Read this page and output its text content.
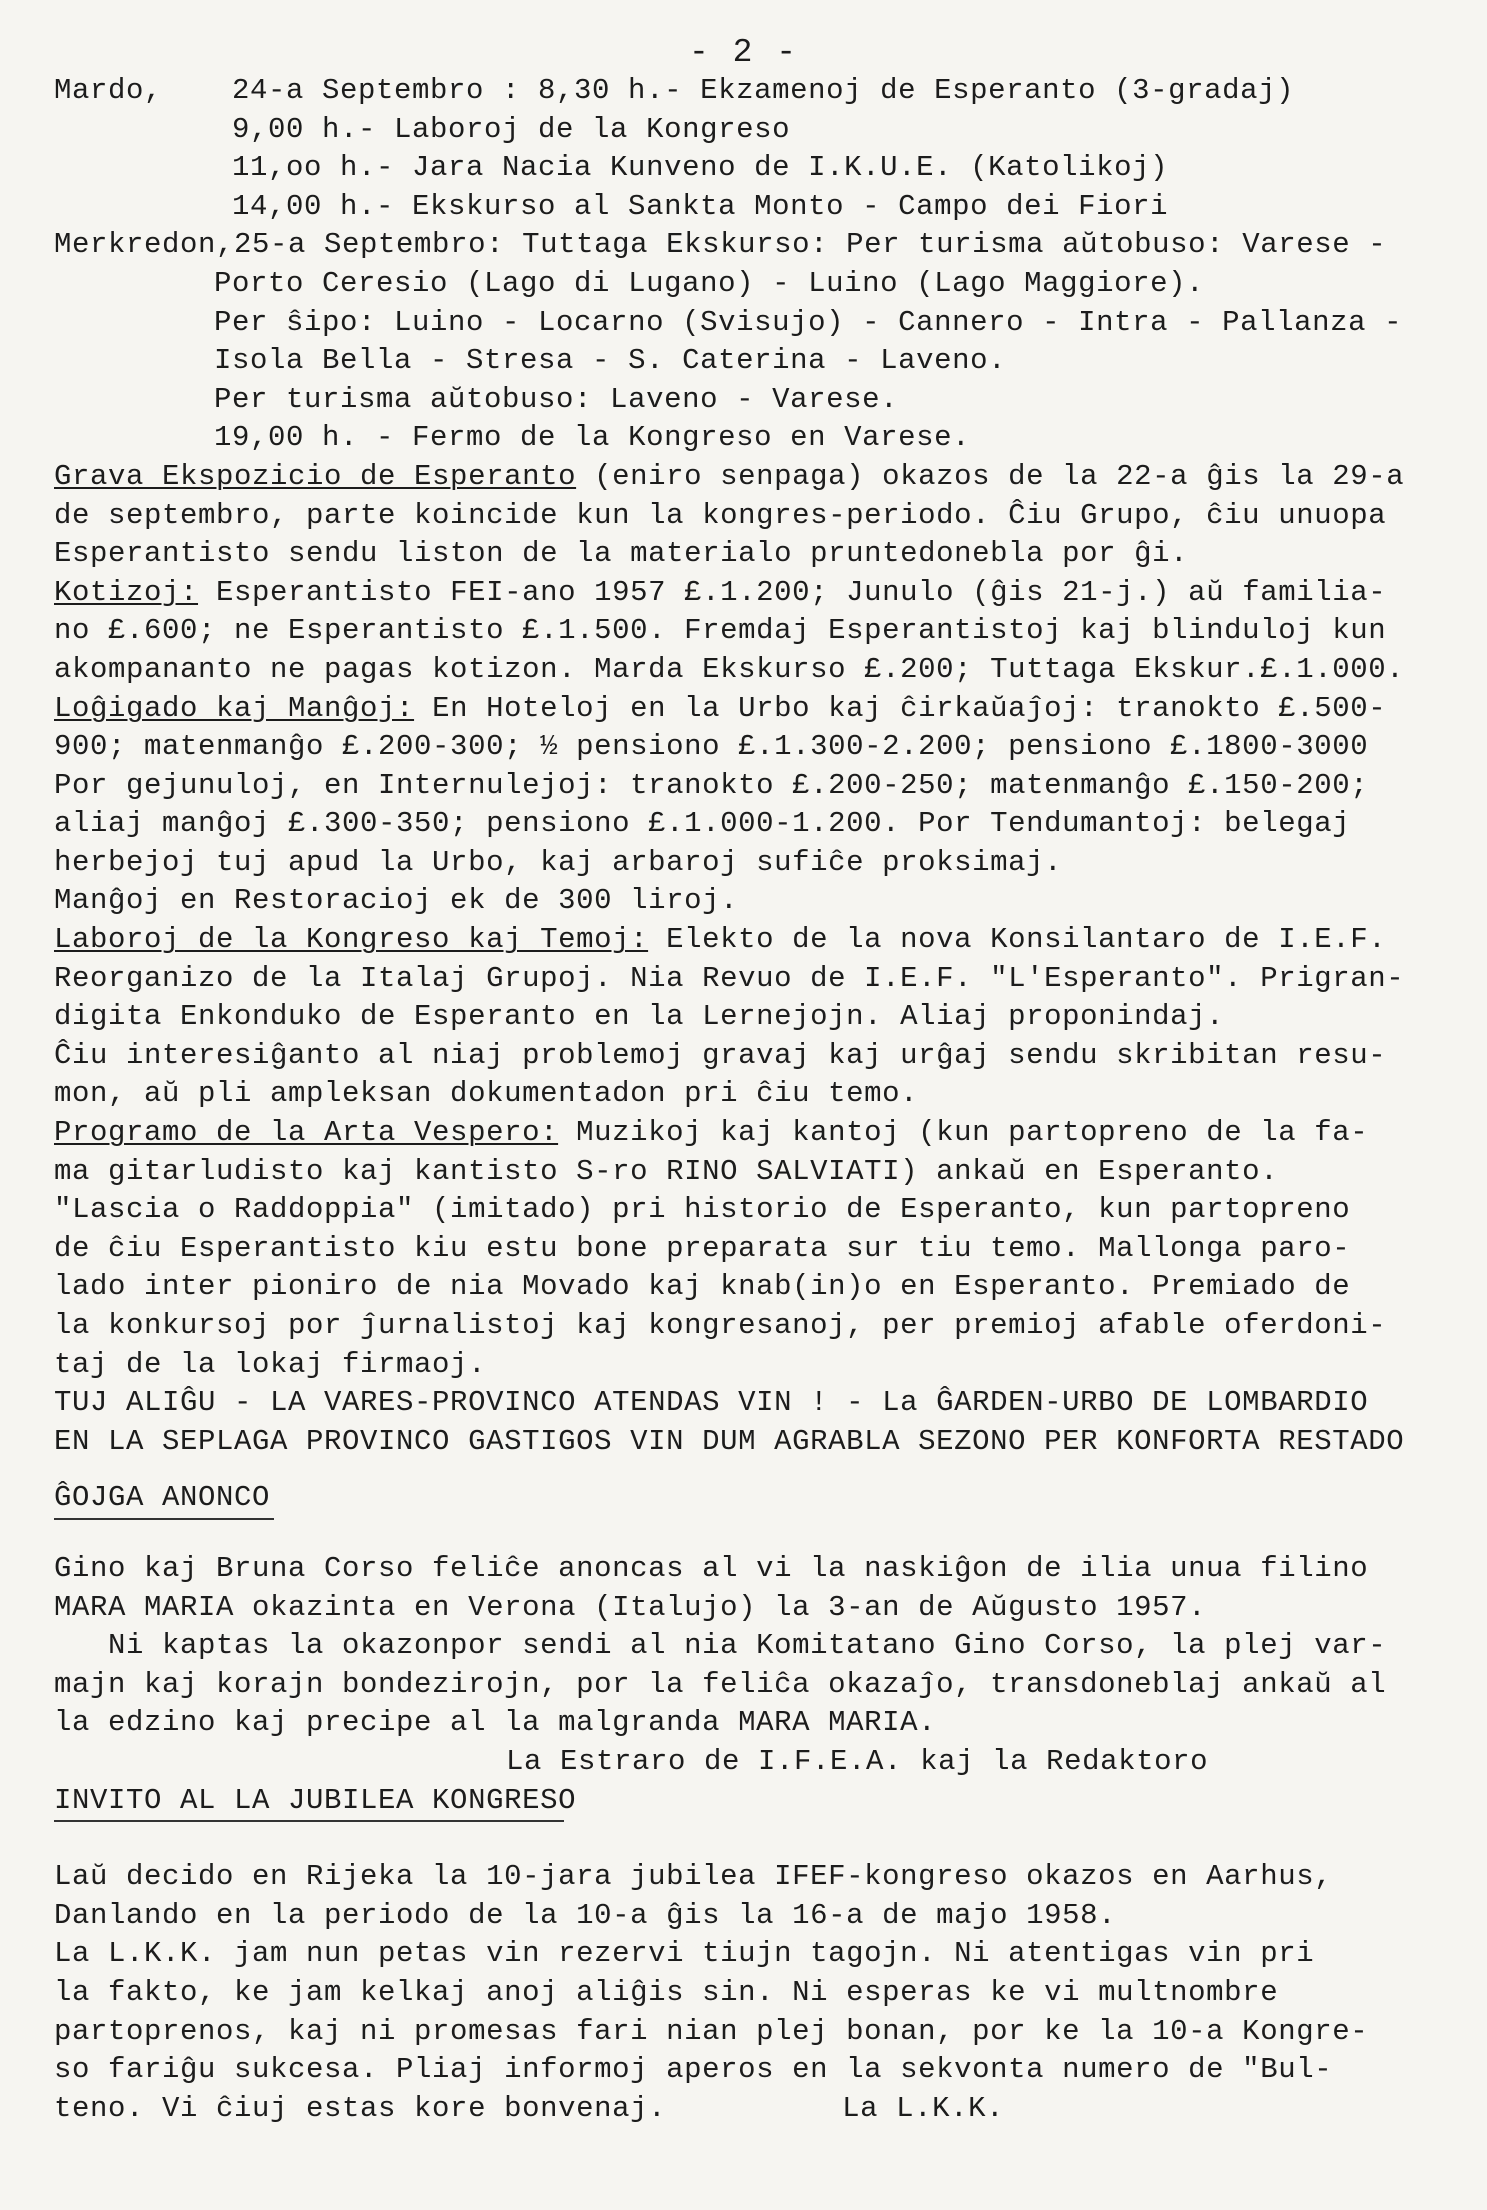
- 2 -
Mardo,	24-a Septembro : 8,30 h.- Ekzamenoj de Esperanto (3-gradaj)
9,00 h.- Laboroj de la Kongreso
11,oo h.- Jara Nacia Kunveno de I.K.U.E. (Katolikoj)
14,00 h.- Ekskurso al Sankta Monto - Campo dei Fiori
Merkredon, 25-a Septembro: Tuttaga Ekskurso: Per turisma aŭtobuso: Varese -
Porto Ceresio (Lago di Lugano) - Luino (Lago Maggiore).
Per ŝipo: Luino - Locarno (Svisujo) - Cannero - Intra - Pallanza -
Isola Bella - Stresa - S. Caterina - Laveno.
Per turisma aŭtobuso: Laveno - Varese.
19,00 h. - Fermo de la Kongreso en Varese.
Grava Ekspozicio de Esperanto (eniro senpaga) okazos de la 22-a ĝis la 29-a
de septembro, parte koincide kun la kongres-periodo. Ĉiu Grupo, ĉiu unuopa
Esperantisto sendu liston de la materialo pruntedonebla por ĝi.
Kotizoj: Esperantisto FEI-ano 1957 £.1.200; Junulo (ĝis 21-j.) aŭ familia-
no £.600; ne Esperantisto £.1.500. Fremdaj Esperantistoj kaj blinduloj kun
akompananto ne pagas kotizon. Marda Ekskurso £.200; Tuttaga Ekskur.£.1.000.
Loĝigado kaj Manĝoj: En Hoteloj en la Urbo kaj ĉirkaŭaĵoj: tranokto £.500-
900; matenmanĝo £.200-300; ½ pensiono £.1.300-2.200; pensiono £.1800-3000
Por gejunuloj, en Internulejoj: tranokto £.200-250; matenmanĝo £.150-200;
aliaj manĝoj £.300-350; pensiono £.1.000-1.200. Por Tendumantoj: belegaj
herbejoj tuj apud la Urbo, kaj arbaroj sufiĉe proksimaj.
Manĝoj en Restoracioj ek de 300 liroj.
Laboroj de la Kongreso kaj Temoj: Elekto de la nova Konsilantaro de I.E.F.
Reorganizo de la Italaj Grupoj. Nia Revuo de I.E.F. "L'Esperanto". Prigran-
digita Enkonduko de Esperanto en la Lernejojn. Aliaj proponindaj.
Ĉiu interesiĝanto al niaj problemoj gravaj kaj urĝaj sendu skribitan resu-
mon, aŭ pli ampleksan dokumentadon pri ĉiu temo.
Programo de la Arta Vespero: Muzikoj kaj kantoj (kun partopreno de la fa-
ma gitarludisto kaj kantisto S-ro RINO SALVIATI) ankaŭ en Esperanto.
"Lascia o Raddoppia" (imitado) pri historio de Esperanto, kun partopreno
de ĉiu Esperantisto kiu estu bone preparata sur tiu temo. Mallonga paro-
lado inter pioniro de nia Movado kaj knab(in)o en Esperanto. Premiado de
la konkursoj por ĵurnalistoj kaj kongresanoj, per premioj afable oferdoni-
taj de la lokaj firmaoj.
TUJ ALIĜU - LA VARES-PROVINCO ATENDAS VIN ! - La ĜARDEN-URBO DE LOMBARDIO
EN LA SEPLAGA PROVINCO GASTIGOS VIN DUM AGRABLA SEZONO PER KONFORTA RESTADO
ĜOJGA ANONCO
Gino kaj Bruna Corso feliĉe anoncas al vi la naskiĝon de ilia unua filino
MARA MARIA okazinta en Verona (Italujo) la 3-an de Aŭgusto 1957.
Ni kaptas la okazonpor sendi al nia Komitatano Gino Corso, la plej var-
majn kaj korajn bondezirojn, por la feliĉa okazaĵo, transdoneblaj ankaŭ al
la edzino kaj precipe al la malgranda MARA MARIA.
La Estraro de I.F.E.A. kaj la Redaktoro
INVITO AL LA JUBILEA KONGRESO
Laŭ decido en Rijeka la 10-jara jubilea IFEF-kongreso okazos en Aarhus,
Danlando en la periodo de la 10-a ĝis la 16-a de majo 1958.
La L.K.K. jam nun petas vin rezervi tiujn tagojn. Ni atentigas vin pri
la fakto, ke jam kelkaj anoj aliĝis sin. Ni esperas ke vi multnombre
partoprenos, kaj ni promesas fari nian plej bonan, por ke la 10-a Kongre-
so fariĝu sukcesa. Pliaj informoj aperos en la sekvonta numero de "Bul-
teno. Vi ĉiuj estas kore bonvenaj.	La L.K.K.
